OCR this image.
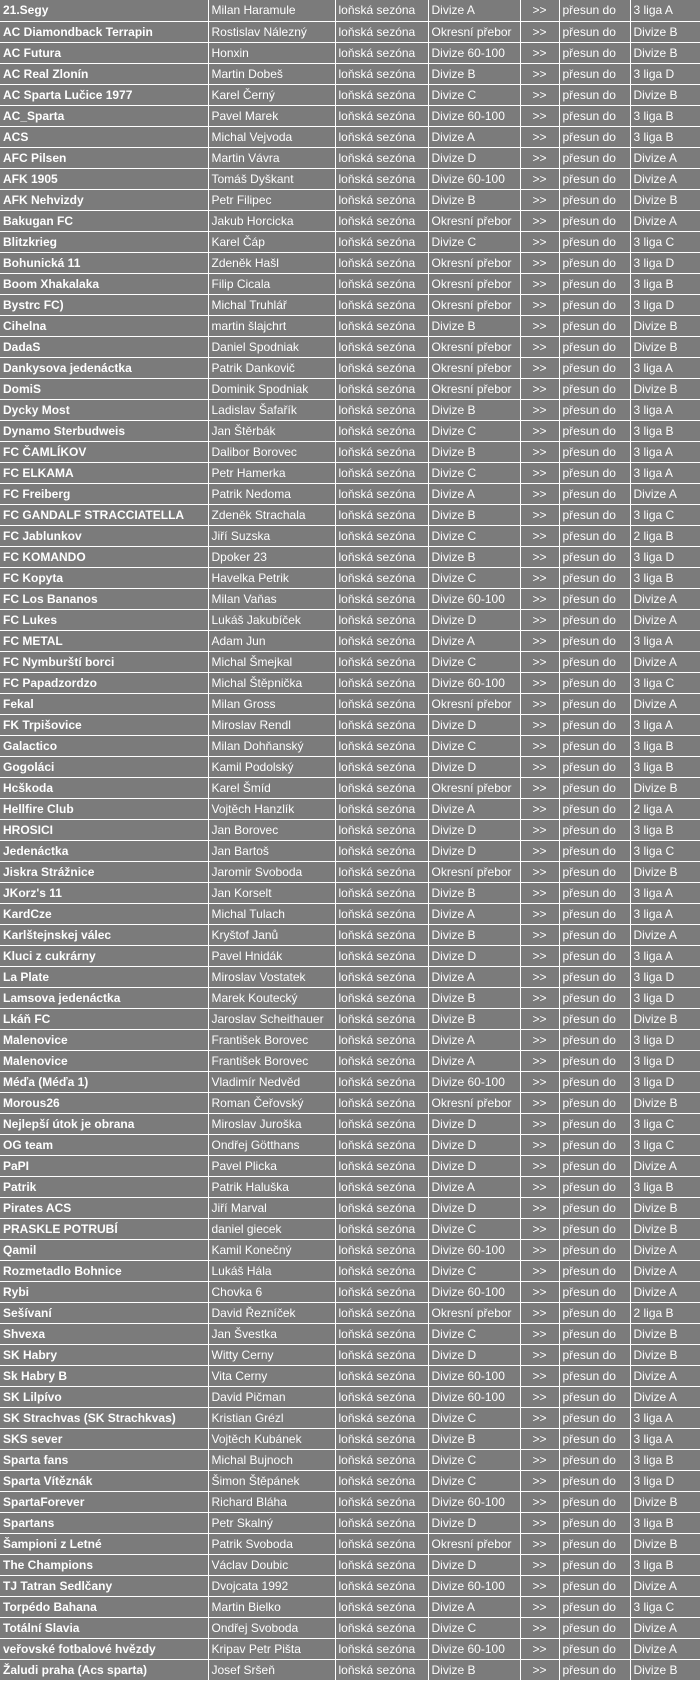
21.Segy	Milan Haramule	loňská sezóna	Divize A	>>	přesun do	3 liga A
AC Diamondback Terrapin	Rostislav Nálezný	loňská sezóna	Okresní přebor	>>	přesun do	Divize B
AC Futura	Honxin	loňská sezóna	Divize 60-100	>>	přesun do	Divize B
AC Real Zlonín	Martin Dobeš	loňská sezóna	Divize B	>>	přesun do	3 liga D
AC Sparta Lučice 1977	Karel Černý	loňská sezóna	Divize C	>>	přesun do	Divize B
AC_Sparta	Pavel Marek	loňská sezóna	Divize 60-100	>>	přesun do	3 liga B
ACS	Michal Vejvoda	loňská sezóna	Divize A	>>	přesun do	3 liga B
AFC Pilsen	Martin Vávra	loňská sezóna	Divize D	>>	přesun do	Divize A
AFK 1905	Tomáš Dyškant	loňská sezóna	Divize 60-100	>>	přesun do	Divize A
AFK Nehvizdy	Petr Filipec	loňská sezóna	Divize B	>>	přesun do	Divize B
Bakugan FC	Jakub Horcicka	loňská sezóna	Okresní přebor	>>	přesun do	Divize A
Blitzkrieg	Karel Čáp	loňská sezóna	Divize C	>>	přesun do	3 liga C
Bohunická 11	Zdeněk Hašl	loňská sezóna	Okresní přebor	>>	přesun do	3 liga D
Boom Xhakalaka	Filip Cicala	loňská sezóna	Okresní přebor	>>	přesun do	3 liga B
Bystrc FC)	Michal Truhlář	loňská sezóna	Okresní přebor	>>	přesun do	3 liga D
Cihelna	martin šlajchrt	loňská sezóna	Divize B	>>	přesun do	Divize B
DadaS	Daniel Spodniak	loňská sezóna	Okresní přebor	>>	přesun do	Divize B
Dankysova jedenáctka	Patrik Dankovič	loňská sezóna	Okresní přebor	>>	přesun do	3 liga A
DomiS	Dominik Spodniak	loňská sezóna	Okresní přebor	>>	přesun do	Divize B
Dycky Most	Ladislav Šafařík	loňská sezóna	Divize B	>>	přesun do	3 liga A
Dynamo Sterbudweis	Jan Štěrbák	loňská sezóna	Divize C	>>	přesun do	3 liga B
FC ČAMLÍKOV	Dalibor Borovec	loňská sezóna	Divize B	>>	přesun do	3 liga A
FC ELKAMA	Petr Hamerka	loňská sezóna	Divize C	>>	přesun do	3 liga A
FC Freiberg	Patrik Nedoma	loňská sezóna	Divize A	>>	přesun do	Divize A
FC GANDALF STRACCIATELLA	Zdeněk Strachala	loňská sezóna	Divize B	>>	přesun do	3 liga C
FC Jablunkov	Jiří Suzska	loňská sezóna	Divize C	>>	přesun do	2 liga B
FC KOMANDO	Dpoker 23	loňská sezóna	Divize B	>>	přesun do	3 liga D
FC Kopyta	Havelka Petrik	loňská sezóna	Divize C	>>	přesun do	3 liga B
FC Los Bananos	Milan Vaňas	loňská sezóna	Divize 60-100	>>	přesun do	Divize A
FC Lukes	Lukáš Jakubíček	loňská sezóna	Divize D	>>	přesun do	Divize A
FC METAL	Adam Jun	loňská sezóna	Divize A	>>	přesun do	3 liga A
FC Nymburští borci	Michal Šmejkal	loňská sezóna	Divize C	>>	přesun do	Divize A
FC Papadzordzo	Michal Štěpnička	loňská sezóna	Divize 60-100	>>	přesun do	3 liga C
Fekal	Milan Gross	loňská sezóna	Okresní přebor	>>	přesun do	Divize A
FK Trpišovice	Miroslav Rendl	loňská sezóna	Divize D	>>	přesun do	3 liga A
Galactico	Milan Dohňanský	loňská sezóna	Divize C	>>	přesun do	3 liga B
Gogoláci	Kamil Podolský	loňská sezóna	Divize D	>>	přesun do	3 liga B
Hcškoda	Karel Šmíd	loňská sezóna	Okresní přebor	>>	přesun do	Divize B
Hellfire Club	Vojtěch Hanzlík	loňská sezóna	Divize A	>>	přesun do	2 liga A
HROSICI	Jan Borovec	loňská sezóna	Divize D	>>	přesun do	3 liga B
Jedenáctka	Jan Bartoš	loňská sezóna	Divize D	>>	přesun do	3 liga C
Jiskra Strážnice	Jaromir Svoboda	loňská sezóna	Okresní přebor	>>	přesun do	Divize B
JKorz's 11	Jan Korselt	loňská sezóna	Divize B	>>	přesun do	3 liga A
KardCze	Michal Tulach	loňská sezóna	Divize A	>>	přesun do	3 liga A
Karlštejnskej válec	Kryštof Janů	loňská sezóna	Divize B	>>	přesun do	Divize A
Kluci z cukrárny	Pavel Hnidák	loňská sezóna	Divize D	>>	přesun do	3 liga A
La Plate	Miroslav Vostatek	loňská sezóna	Divize A	>>	přesun do	3 liga D
Lamsova jedenáctka	Marek Koutecký	loňská sezóna	Divize B	>>	přesun do	3 liga D
Lkáň FC	Jaroslav Scheithauer	loňská sezóna	Divize B	>>	přesun do	Divize B
Malenovice	František Borovec	loňská sezóna	Divize A	>>	přesun do	3 liga D
Malenovice	František Borovec	loňská sezóna	Divize A	>>	přesun do	3 liga D
Méďa (Méďa 1)	Vladimír Nedvěd	loňská sezóna	Divize 60-100	>>	přesun do	3 liga D
Morous26	Roman Čeřovský	loňská sezóna	Okresní přebor	>>	přesun do	Divize B
Nejlepší útok je obrana	Miroslav Juroška	loňská sezóna	Divize D	>>	přesun do	3 liga C
OG team	Ondřej Götthans	loňská sezóna	Divize D	>>	přesun do	3 liga C
PaPI	Pavel Plicka	loňská sezóna	Divize D	>>	přesun do	Divize A
Patrik	Patrik Haluška	loňská sezóna	Divize A	>>	přesun do	3 liga B
Pirates ACS	Jiří Marval	loňská sezóna	Divize D	>>	přesun do	Divize B
PRASKLE POTRUBÍ	daniel giecek	loňská sezóna	Divize C	>>	přesun do	Divize B
Qamil	Kamil Konečný	loňská sezóna	Divize 60-100	>>	přesun do	Divize A
Rozmetadlo Bohnice	Lukáš Hála	loňská sezóna	Divize C	>>	přesun do	Divize A
Rybi	Chovka 6	loňská sezóna	Divize 60-100	>>	přesun do	Divize A
Sešívaní	David Řezníček	loňská sezóna	Okresní přebor	>>	přesun do	2 liga B
Shvexa	Jan Švestka	loňská sezóna	Divize C	>>	přesun do	Divize B
SK Habry	Witty Cerny	loňská sezóna	Divize D	>>	přesun do	Divize B
Sk Habry B	Vita Cerny	loňská sezóna	Divize 60-100	>>	přesun do	Divize A
SK Lilpívo	David Pičman	loňská sezóna	Divize 60-100	>>	přesun do	Divize A
SK Strachvas (SK Strachkvas)	Kristian Grézl	loňská sezóna	Divize C	>>	přesun do	3 liga A
SKS sever	Vojtěch Kubánek	loňská sezóna	Divize B	>>	přesun do	3 liga A
Sparta fans	Michal Bujnoch	loňská sezóna	Divize C	>>	přesun do	3 liga B
Sparta Vítěznák	Šimon Štěpánek	loňská sezóna	Divize C	>>	přesun do	3 liga D
SpartaForever	Richard Bláha	loňská sezóna	Divize 60-100	>>	přesun do	Divize B
Spartans	Petr Skalný	loňská sezóna	Divize D	>>	přesun do	3 liga B
Šampioni z Letné	Patrik Svoboda	loňská sezóna	Okresní přebor	>>	přesun do	Divize B
The Champions	Václav Doubic	loňská sezóna	Divize D	>>	přesun do	3 liga B
TJ Tatran Sedlčany	Dvojcata 1992	loňská sezóna	Divize 60-100	>>	přesun do	Divize A
Torpédo Bahana	Martin Bielko	loňská sezóna	Divize A	>>	přesun do	3 liga C
Totální Slavia	Ondřej Svoboda	loňská sezóna	Divize C	>>	přesun do	Divize A
veřovské fotbalové hvězdy	Kripav Petr Pišta	loňská sezóna	Divize 60-100	>>	přesun do	Divize A
Žaludi praha (Acs sparta)	Josef Sršeň	loňská sezóna	Divize B	>>	přesun do	Divize B
